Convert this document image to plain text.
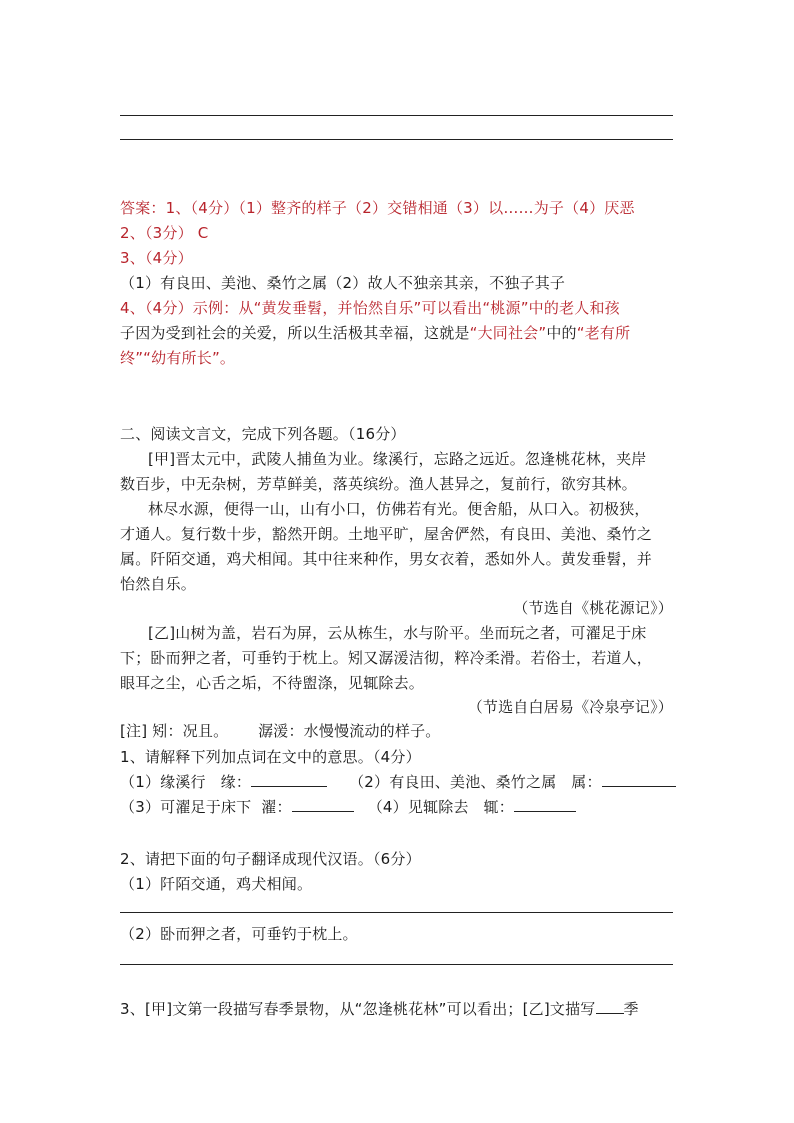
答案：1、（4分）（1）整齐的样子（2）交错相通（3）以……为子（4）厌恶
2、（3分） C
3、（4分）
（1）有良田、美池、桑竹之属（2）故人不独亲其亲，不独子其子
4、（4分）示例：从“黄发垂髫，并怡然自乐”可以看出“桃源”中的老人和孩
子因为受到社会的关爱，所以生活极其幸福，这就是“大同社会”中的“老有所
终”“幼有所长”。
二、阅读文言文，完成下列各题。（16分）
[甲]晋太元中，武陵人捕鱼为业。缘溪行，忘路之远近。忽逢桃花林，夹岸
数百步，中无杂树，芳草鲜美，落英缤纷。渔人甚异之，复前行，欲穷其林。
林尽水源，便得一山，山有小口，仿佛若有光。便舍船，从口入。初极狭，
才通人。复行数十步，豁然开朗。土地平旷，屋舍俨然，有良田、美池、桑竹之
属。阡陌交通，鸡犬相闻。其中往来种作，男女衣着，悉如外人。黄发垂髫，并
怡然自乐。
（节选自《桃花源记》）
[乙]山树为盖，岩石为屏，云从栋生，水与阶平。坐而玩之者，可濯足于床
下；卧而狎之者，可垂钓于枕上。矧又潺湲洁彻，粹冷柔滑。若俗士，若道人，
眼耳之尘，心舌之垢，不待盥涤，见辄除去。
（节选自白居易《冷泉亭记》）
[注] 矧：况且。      潺湲：水慢慢流动的样子。
1、请解释下列加点词在文中的意思。（4分）
（1）缘溪行   缘：	（2）有良田、美池、桑竹之属   属：
（3）可濯足于床下  濯：	（4）见辄除去   辄：
2、请把下面的句子翻译成现代汉语。（6分）
（1）阡陌交通，鸡犬相闻。
（2）卧而狎之者，可垂钓于枕上。
3、[甲]文第一段描写春季景物，从“忽逢桃花林”可以看出；[乙]文描写 季
